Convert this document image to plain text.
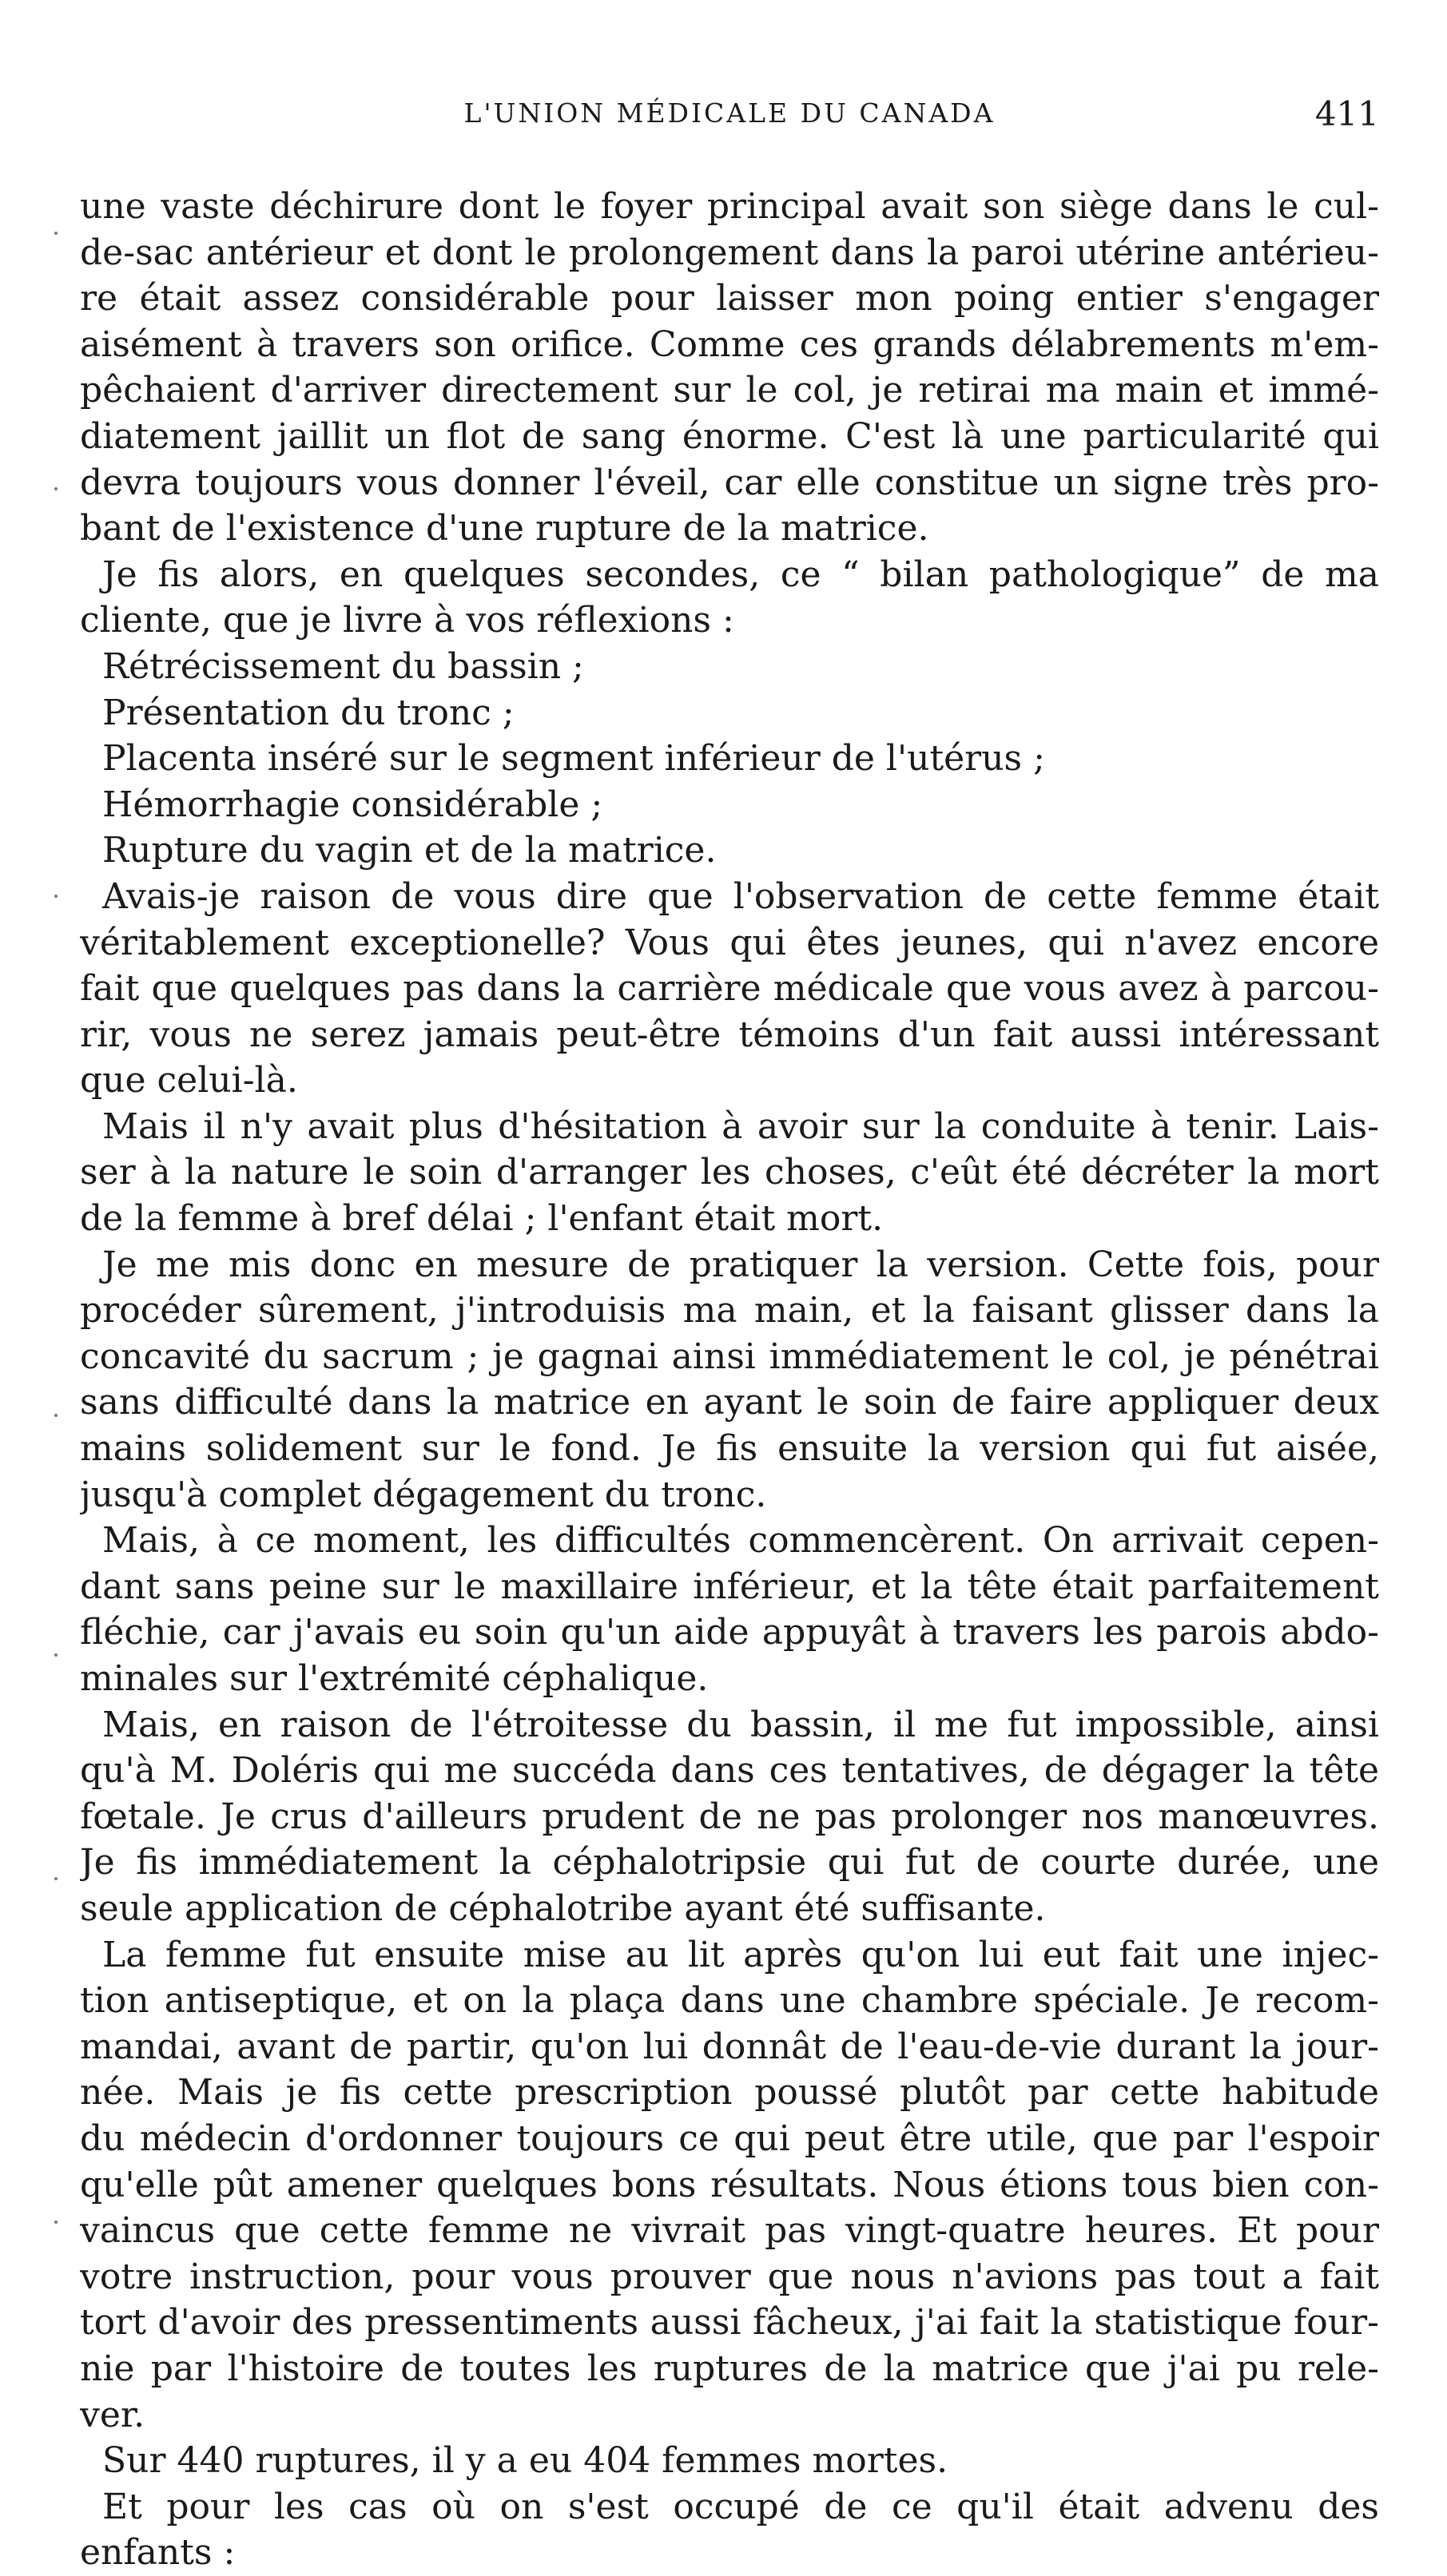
L'UNION MÉDICALE DU CANADA	411
une vaste déchirure dont le foyer principal avait son siège dans le cul-
de-sac antérieur et dont le prolongement dans la paroi utérine antérieu-
re était assez considérable pour laisser mon poing entier s'engager
aisément à travers son orifice. Comme ces grands délabrements m'em-
pêchaient d'arriver directement sur le col, je retirai ma main et immé-
diatement jaillit un flot de sang énorme. C'est là une particularité qui
devra toujours vous donner l'éveil, car elle constitue un signe très pro-
bant de l'existence d'une rupture de la matrice.
Je fis alors, en quelques secondes, ce “ bilan pathologique” de ma
cliente, que je livre à vos réflexions :
Rétrécissement du bassin ;
Présentation du tronc ;
Placenta inséré sur le segment inférieur de l'utérus ;
Hémorrhagie considérable ;
Rupture du vagin et de la matrice.
Avais-je raison de vous dire que l'observation de cette femme était
véritablement exceptionelle? Vous qui êtes jeunes, qui n'avez encore
fait que quelques pas dans la carrière médicale que vous avez à parcou-
rir, vous ne serez jamais peut-être témoins d'un fait aussi intéressant
que celui-là.
Mais il n'y avait plus d'hésitation à avoir sur la conduite à tenir. Lais-
ser à la nature le soin d'arranger les choses, c'eût été décréter la mort
de la femme à bref délai ; l'enfant était mort.
Je me mis donc en mesure de pratiquer la version. Cette fois, pour
procéder sûrement, j'introduisis ma main, et la faisant glisser dans la
concavité du sacrum ; je gagnai ainsi immédiatement le col, je pénétrai
sans difficulté dans la matrice en ayant le soin de faire appliquer deux
mains solidement sur le fond. Je fis ensuite la version qui fut aisée,
jusqu'à complet dégagement du tronc.
Mais, à ce moment, les difficultés commencèrent. On arrivait cepen-
dant sans peine sur le maxillaire inférieur, et la tête était parfaitement
fléchie, car j'avais eu soin qu'un aide appuyât à travers les parois abdo-
minales sur l'extrémité céphalique.
Mais, en raison de l'étroitesse du bassin, il me fut impossible, ainsi
qu'à M. Doléris qui me succéda dans ces tentatives, de dégager la tête
fœtale. Je crus d'ailleurs prudent de ne pas prolonger nos manœuvres.
Je fis immédiatement la céphalotripsie qui fut de courte durée, une
seule application de céphalotribe ayant été suffisante.
La femme fut ensuite mise au lit après qu'on lui eut fait une injec-
tion antiseptique, et on la plaça dans une chambre spéciale. Je recom-
mandai, avant de partir, qu'on lui donnât de l'eau-de-vie durant la jour-
née. Mais je fis cette prescription poussé plutôt par cette habitude
du médecin d'ordonner toujours ce qui peut être utile, que par l'espoir
qu'elle pût amener quelques bons résultats. Nous étions tous bien con-
vaincus que cette femme ne vivrait pas vingt-quatre heures. Et pour
votre instruction, pour vous prouver que nous n'avions pas tout a fait
tort d'avoir des pressentiments aussi fâcheux, j'ai fait la statistique four-
nie par l'histoire de toutes les ruptures de la matrice que j'ai pu rele-
ver.
Sur 440 ruptures, il y a eu 404 femmes mortes.
Et pour les cas où on s'est occupé de ce qu'il était advenu des
enfants :
